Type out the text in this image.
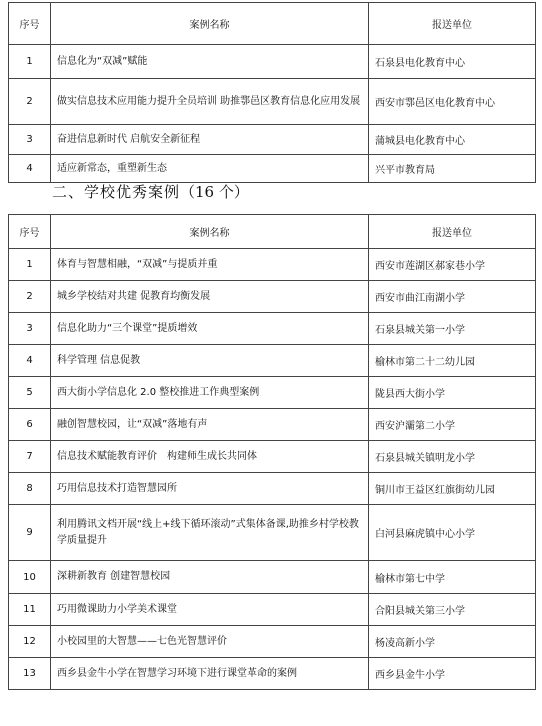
序号	案例名称	报送单位
1	信息化为“双减”赋能	石泉县电化教育中心
2	做实信息技术应用能力提升全员培训 助推鄠邑区教育信息化应用发展	西安市鄠邑区电化教育中心
3	奋进信息新时代 启航安全新征程	蒲城县电化教育中心
4	适应新常态，重塑新生态	兴平市教育局
二、学校优秀案例（16 个）
序号	案例名称	报送单位
1	体育与智慧相融，“双减”与提质并重	西安市莲湖区郝家巷小学
2	城乡学校结对共建 促教育均衡发展	西安市曲江南湖小学
3	信息化助力“三个课堂”提质增效	石泉县城关第一小学
4	科学管理 信息促教	榆林市第二十二幼儿园
5	西大街小学信息化 2.0 整校推进工作典型案例	陇县西大街小学
6	融创智慧校园，让“双减”落地有声	西安沪灞第二小学
7	信息技术赋能教育评价　构建师生成长共同体	石泉县城关镇明龙小学
8	巧用信息技术打造智慧园所	铜川市王益区红旗街幼儿园
9	利用腾讯文档开展“线上+线下循环滚动”式集体备课,助推乡村学校教学质量提升	白河县麻虎镇中心小学
10	深耕新教育 创建智慧校园	榆林市第七中学
11	巧用微课助力小学美术课堂	合阳县城关第三小学
12	小校园里的大智慧——七色光智慧评价	杨凌高新小学
13	西乡县金牛小学在智慧学习环境下进行课堂革命的案例	西乡县金牛小学
